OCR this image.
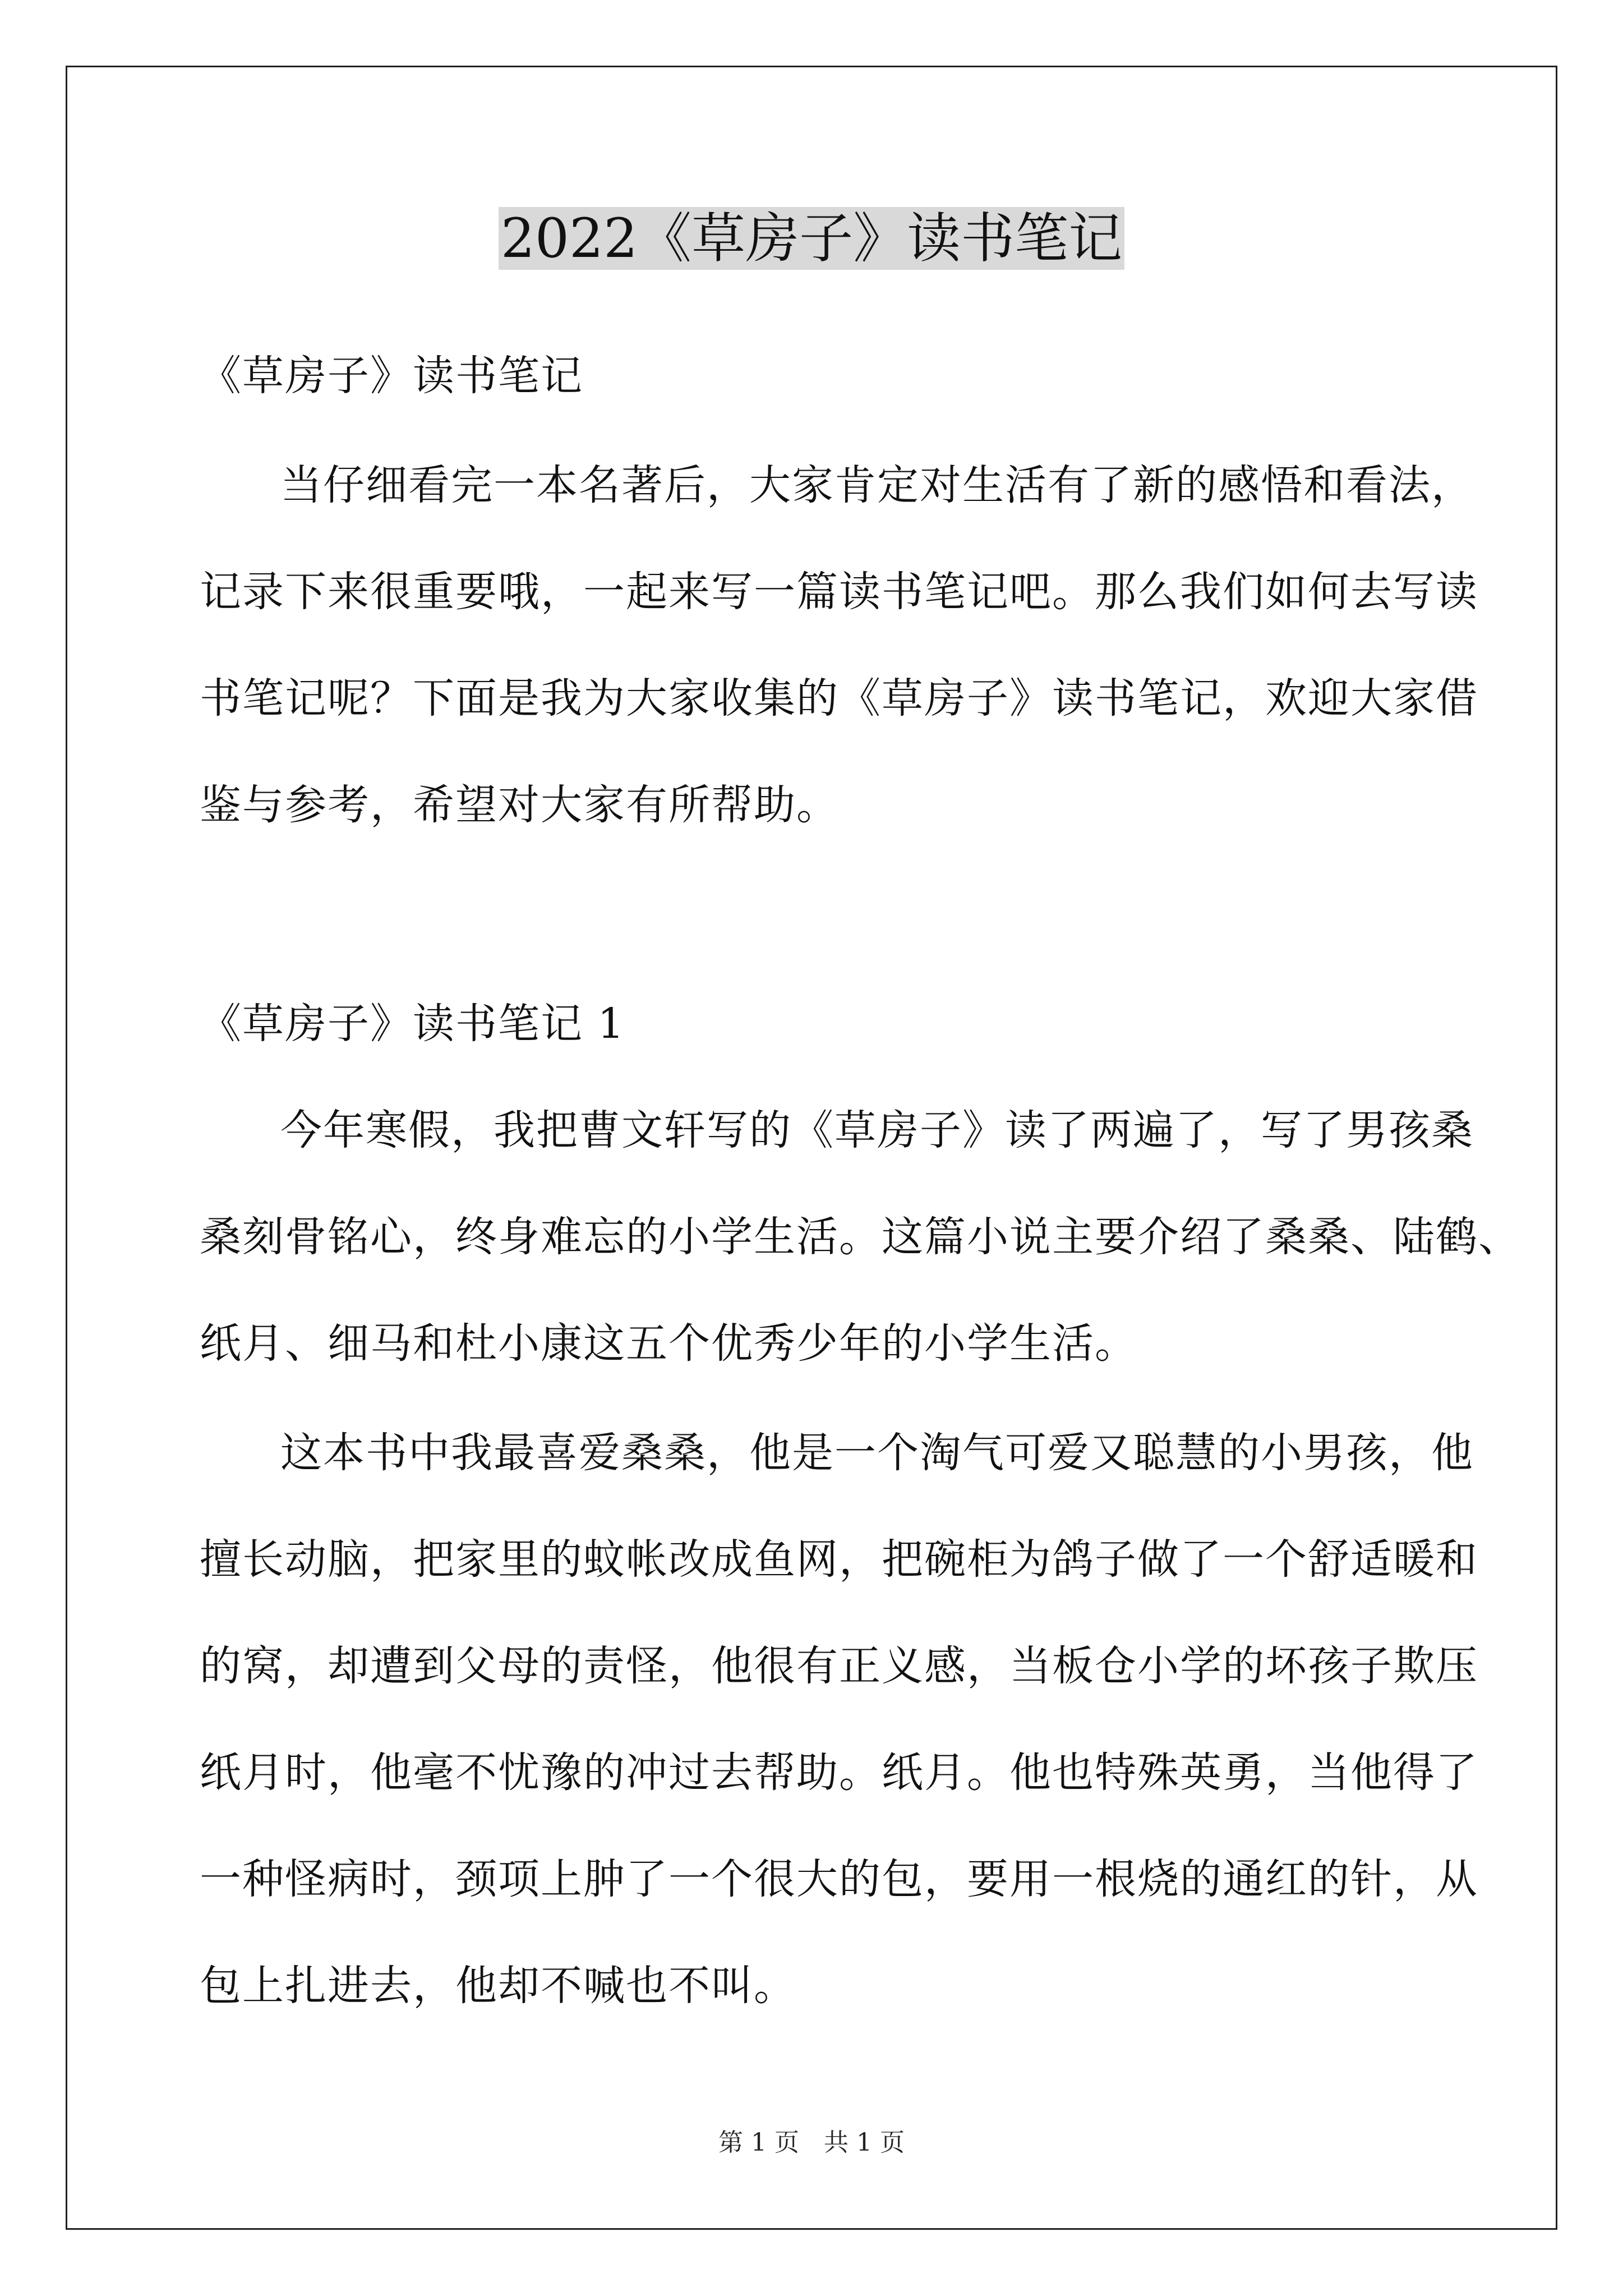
2022《草房子》读书笔记
《草房子》读书笔记
当仔细看完一本名著后，大家肯定对生活有了新的感悟和看法，
记录下来很重要哦，一起来写一篇读书笔记吧。那么我们如何去写读
书笔记呢？下面是我为大家收集的《草房子》读书笔记，欢迎大家借
鉴与参考，希望对大家有所帮助。
《草房子》读书笔记 1
今年寒假，我把曹文轩写的《草房子》读了两遍了，写了男孩桑
桑刻骨铭心，终身难忘的小学生活。这篇小说主要介绍了桑桑、陆鹤、
纸月、细马和杜小康这五个优秀少年的小学生活。
这本书中我最喜爱桑桑，他是一个淘气可爱又聪慧的小男孩，他
擅长动脑，把家里的蚊帐改成鱼网，把碗柜为鸽子做了一个舒适暖和
的窝，却遭到父母的责怪，他很有正义感，当板仓小学的坏孩子欺压
纸月时，他毫不忧豫的冲过去帮助。纸月。他也特殊英勇，当他得了
一种怪病时，颈项上肿了一个很大的包，要用一根烧的通红的针，从
包上扎进去，他却不喊也不叫。
第 1 页　共 1 页
